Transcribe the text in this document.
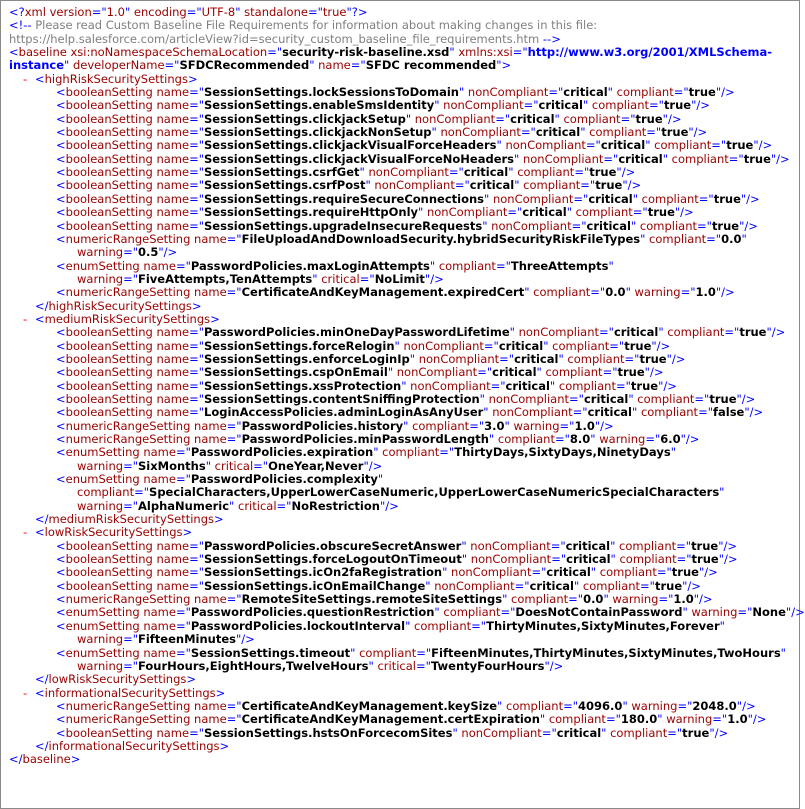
<?xml version="1.0" encoding="UTF-8" standalone="true"?>
<!-- Please read Custom Baseline File Requirements for information about making changes in this file:
https://help.salesforce.com/articleView?id=security_custom_baseline_file_requirements.htm -->
<baseline xsi:noNamespaceSchemaLocation="security-risk-baseline.xsd" xmlns:xsi="http://www.w3.org/2001/XMLSchema-
instance" developerName="SFDCRecommended" name="SFDC recommended">
- <highRiskSecuritySettings>
<booleanSetting name="SessionSettings.lockSessionsToDomain" nonCompliant="critical" compliant="true"/>
<booleanSetting name="SessionSettings.enableSmsIdentity" nonCompliant="critical" compliant="true"/>
<booleanSetting name="SessionSettings.clickjackSetup" nonCompliant="critical" compliant="true"/>
<booleanSetting name="SessionSettings.clickjackNonSetup" nonCompliant="critical" compliant="true"/>
<booleanSetting name="SessionSettings.clickjackVisualForceHeaders" nonCompliant="critical" compliant="true"/>
<booleanSetting name="SessionSettings.clickjackVisualForceNoHeaders" nonCompliant="critical" compliant="true"/>
<booleanSetting name="SessionSettings.csrfGet" nonCompliant="critical" compliant="true"/>
<booleanSetting name="SessionSettings.csrfPost" nonCompliant="critical" compliant="true"/>
<booleanSetting name="SessionSettings.requireSecureConnections" nonCompliant="critical" compliant="true"/>
<booleanSetting name="SessionSettings.requireHttpOnly" nonCompliant="critical" compliant="true"/>
<booleanSetting name="SessionSettings.upgradeInsecureRequests" nonCompliant="critical" compliant="true"/>
<numericRangeSetting name="FileUploadAndDownloadSecurity.hybridSecurityRiskFileTypes" compliant="0.0"
warning="0.5"/>
<enumSetting name="PasswordPolicies.maxLoginAttempts" compliant="ThreeAttempts"
warning="FiveAttempts,TenAttempts" critical="NoLimit"/>
<numericRangeSetting name="CertificateAndKeyManagement.expiredCert" compliant="0.0" warning="1.0"/>
</highRiskSecuritySettings>
- <mediumRiskSecuritySettings>
<booleanSetting name="PasswordPolicies.minOneDayPasswordLifetime" nonCompliant="critical" compliant="true"/>
<booleanSetting name="SessionSettings.forceRelogin" nonCompliant="critical" compliant="true"/>
<booleanSetting name="SessionSettings.enforceLoginIp" nonCompliant="critical" compliant="true"/>
<booleanSetting name="SessionSettings.cspOnEmail" nonCompliant="critical" compliant="true"/>
<booleanSetting name="SessionSettings.xssProtection" nonCompliant="critical" compliant="true"/>
<booleanSetting name="SessionSettings.contentSniffingProtection" nonCompliant="critical" compliant="true"/>
<booleanSetting name="LoginAccessPolicies.adminLoginAsAnyUser" nonCompliant="critical" compliant="false"/>
<numericRangeSetting name="PasswordPolicies.history" compliant="3.0" warning="1.0"/>
<numericRangeSetting name="PasswordPolicies.minPasswordLength" compliant="8.0" warning="6.0"/>
<enumSetting name="PasswordPolicies.expiration" compliant="ThirtyDays,SixtyDays,NinetyDays"
warning="SixMonths" critical="OneYear,Never"/>
<enumSetting name="PasswordPolicies.complexity"
compliant="SpecialCharacters,UpperLowerCaseNumeric,UpperLowerCaseNumericSpecialCharacters"
warning="AlphaNumeric" critical="NoRestriction"/>
</mediumRiskSecuritySettings>
- <lowRiskSecuritySettings>
<booleanSetting name="PasswordPolicies.obscureSecretAnswer" nonCompliant="critical" compliant="true"/>
<booleanSetting name="SessionSettings.forceLogoutOnTimeout" nonCompliant="critical" compliant="true"/>
<booleanSetting name="SessionSettings.icOn2faRegistration" nonCompliant="critical" compliant="true"/>
<booleanSetting name="SessionSettings.icOnEmailChange" nonCompliant="critical" compliant="true"/>
<numericRangeSetting name="RemoteSiteSettings.remoteSiteSettings" compliant="0.0" warning="1.0"/>
<enumSetting name="PasswordPolicies.questionRestriction" compliant="DoesNotContainPassword" warning="None"/>
<enumSetting name="PasswordPolicies.lockoutInterval" compliant="ThirtyMinutes,SixtyMinutes,Forever"
warning="FifteenMinutes"/>
<enumSetting name="SessionSettings.timeout" compliant="FifteenMinutes,ThirtyMinutes,SixtyMinutes,TwoHours"
warning="FourHours,EightHours,TwelveHours" critical="TwentyFourHours"/>
</lowRiskSecuritySettings>
- <informationalSecuritySettings>
<numericRangeSetting name="CertificateAndKeyManagement.keySize" compliant="4096.0" warning="2048.0"/>
<numericRangeSetting name="CertificateAndKeyManagement.certExpiration" compliant="180.0" warning="1.0"/>
<booleanSetting name="SessionSettings.hstsOnForcecomSites" nonCompliant="critical" compliant="true"/>
</informationalSecuritySettings>
</baseline>
